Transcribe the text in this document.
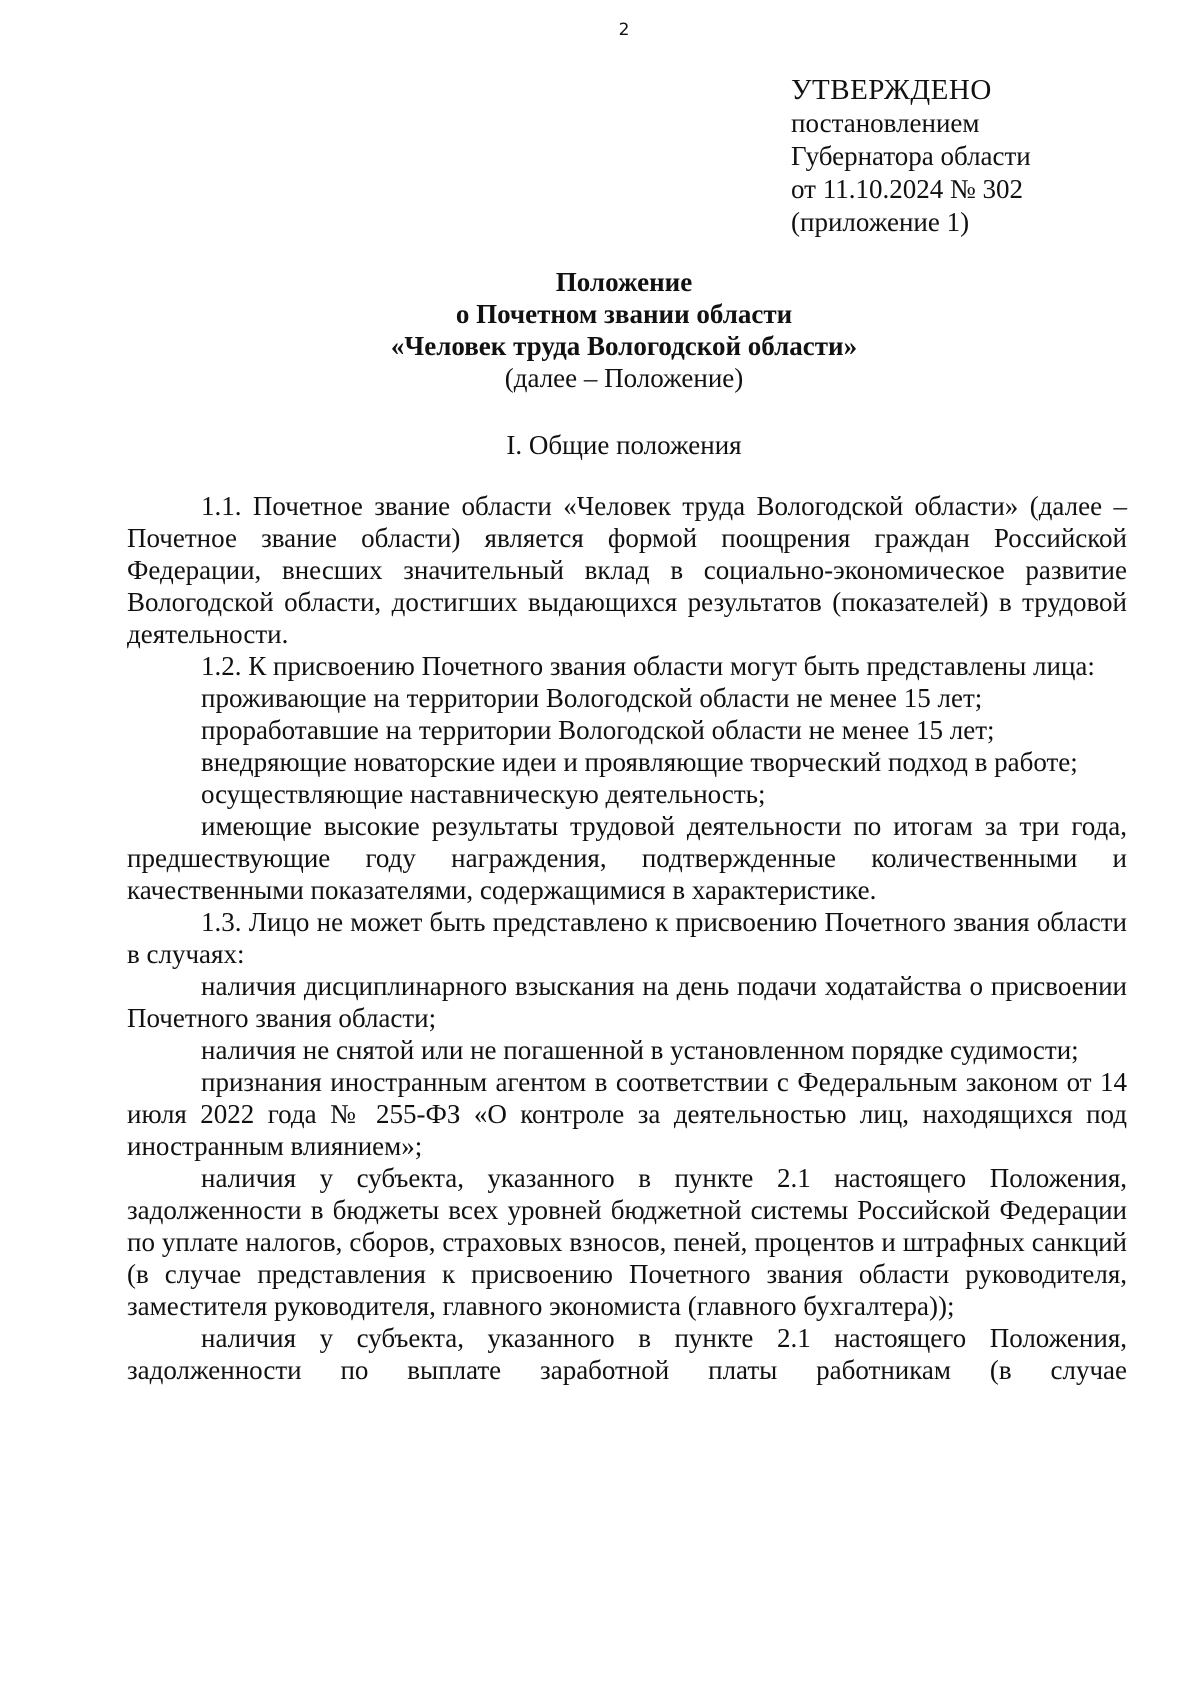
2
УТВЕРЖДЕНО
постановлением
Губернатора области
от 11.10.2024 № 302
(приложение 1)
Положение
о Почетном звании области
«Человек труда Вологодской области»
(далее – Положение)
I. Общие положения

1.1. Почетное звание области «Человек труда Вологодской области» (далее – Почетное звание области) является формой поощрения граждан Российской Федерации, внесших значительный вклад в социально-экономическое развитие Вологодской области, достигших выдающихся результатов (показателей) в трудовой деятельности.

1.2. К присвоению Почетного звания области могут быть представлены лица:

проживающие на территории Вологодской области не менее 15 лет;

проработавшие на территории Вологодской области не менее 15 лет;

внедряющие новаторские идеи и проявляющие творческий подход в работе;

осуществляющие наставническую деятельность;

имеющие высокие результаты трудовой деятельности по итогам за три года, предшествующие году награждения, подтвержденные количественными и качественными показателями, содержащимися в характеристике.

1.3. Лицо не может быть представлено к присвоению Почетного звания области в случаях:

наличия дисциплинарного взыскания на день подачи ходатайства о присвоении Почетного звания области;

наличия не снятой или не погашенной в установленном порядке судимости;

признания иностранным агентом в соответствии с Федеральным законом от 14 июля 2022 года № 255-ФЗ «О контроле за деятельностью лиц, находящихся под иностранным влиянием»;

наличия у субъекта, указанного в пункте 2.1 настоящего Положения, задолженности в бюджеты всех уровней бюджетной системы Российской Федерации по уплате налогов, сборов, страховых взносов, пеней, процентов и штрафных санкций (в случае представления к присвоению Почетного звания области руководителя, заместителя руководителя, главного экономиста (главного бухгалтера));

наличия у субъекта, указанного в пункте 2.1 настоящего Положения, задолженности по выплате заработной платы работникам (в случае
